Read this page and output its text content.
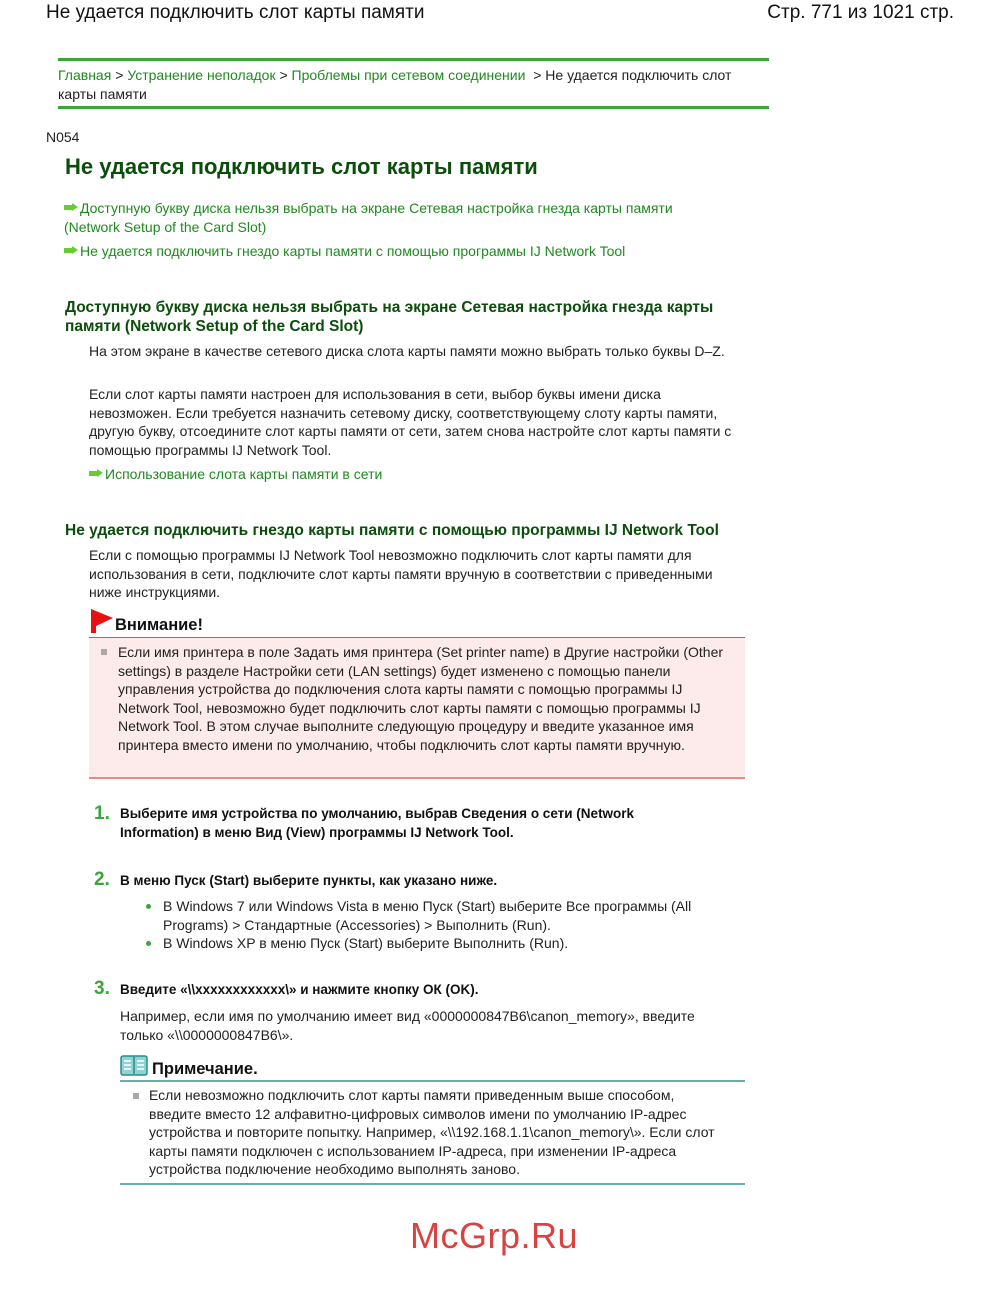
Не удается подключить слот карты памяти	Стр. 771 из 1021 стр.
Главная > Устранение неполадок > Проблемы при сетевом соединении > Не удается подключить слот карты памяти
N054
Не удается подключить слот карты памяти
Доступную букву диска нельзя выбрать на экране Сетевая настройка гнезда карты памяти (Network Setup of the Card Slot)
Не удается подключить гнездо карты памяти с помощью программы IJ Network Tool
Доступную букву диска нельзя выбрать на экране Сетевая настройка гнезда карты памяти (Network Setup of the Card Slot)
На этом экране в качестве сетевого диска слота карты памяти можно выбрать только буквы D–Z.
Если слот карты памяти настроен для использования в сети, выбор буквы имени диска невозможен. Если требуется назначить сетевому диску, соответствующему слоту карты памяти, другую букву, отсоедините слот карты памяти от сети, затем снова настройте слот карты памяти с помощью программы IJ Network Tool.
Использование слота карты памяти в сети
Не удается подключить гнездо карты памяти с помощью программы IJ Network Tool
Если с помощью программы IJ Network Tool невозможно подключить слот карты памяти для использования в сети, подключите слот карты памяти вручную в соответствии с приведенными ниже инструкциями.
Внимание!
Если имя принтера в поле Задать имя принтера (Set printer name) в Другие настройки (Other settings) в разделе Настройки сети (LAN settings) будет изменено с помощью панели управления устройства до подключения слота карты памяти с помощью программы IJ Network Tool, невозможно будет подключить слот карты памяти с помощью программы IJ Network Tool. В этом случае выполните следующую процедуру и введите указанное имя принтера вместо имени по умолчанию, чтобы подключить слот карты памяти вручную.
1. Выберите имя устройства по умолчанию, выбрав Сведения о сети (Network Information) в меню Вид (View) программы IJ Network Tool.
2. В меню Пуск (Start) выберите пункты, как указано ниже.
В Windows 7 или Windows Vista в меню Пуск (Start) выберите Все программы (All Programs) > Стандартные (Accessories) > Выполнить (Run).
В Windows XP в меню Пуск (Start) выберите Выполнить (Run).
3. Введите «\\xxxxxxxxxxxx\» и нажмите кнопку ОК (OK).
Например, если имя по умолчанию имеет вид «0000000847B6\canon_memory», введите только «\\0000000847B6\».
Примечание.
Если невозможно подключить слот карты памяти приведенным выше способом, введите вместо 12 алфавитно-цифровых символов имени по умолчанию IP-адрес устройства и повторите попытку. Например, «\\192.168.1.1\canon_memory\». Если слот карты памяти подключен с использованием IP-адреса, при изменении IP-адреса устройства подключение необходимо выполнять заново.
McGrp.Ru
